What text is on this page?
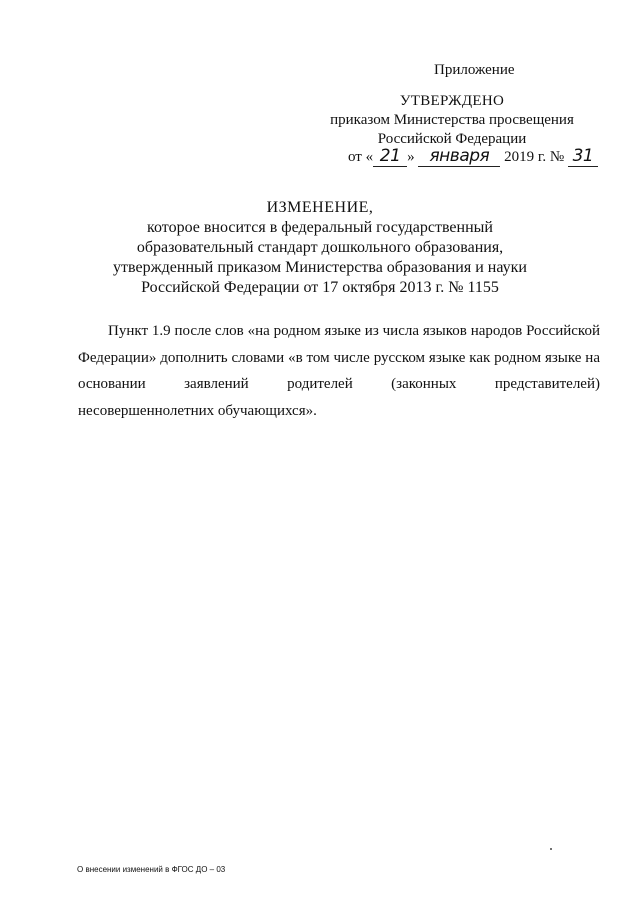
Приложение
УТВЕРЖДЕНО
приказом Министерства просвещения
Российской Федерации
от « 21 » января 2019 г. № 31
ИЗМЕНЕНИЕ,
которое вносится в федеральный государственный
образовательный стандарт дошкольного образования,
утвержденный приказом Министерства образования и науки
Российской Федерации от 17 октября 2013 г. № 1155
Пункт 1.9 после слов «на родном языке из числа языков народов Российской Федерации» дополнить словами «в том числе русском языке как родном языке на основании заявлений родителей (законных представителей) несовершеннолетних обучающихся».
О внесении изменений в ФГОС ДО – 03
